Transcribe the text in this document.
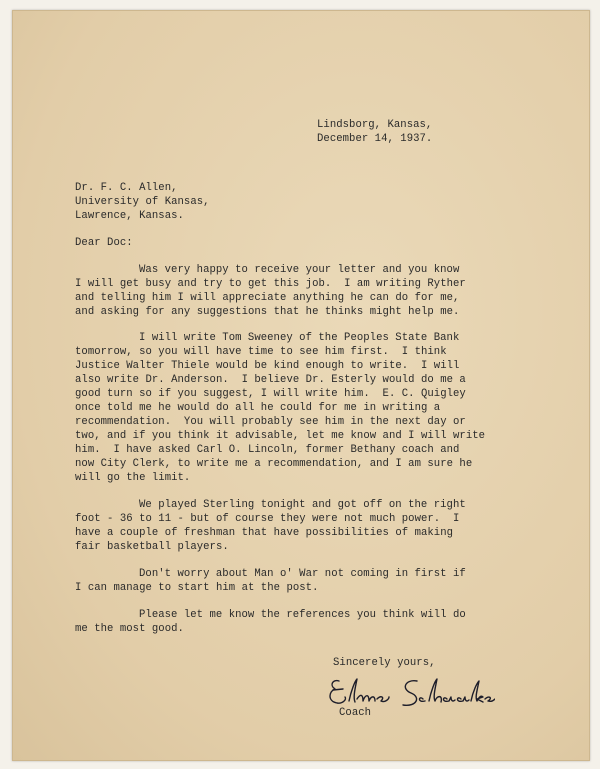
Lindsborg, Kansas,
December 14, 1937.
Dr. F. C. Allen,
University of Kansas,
Lawrence, Kansas.
Dear Doc:
Was very happy to receive your letter and you know
I will get busy and try to get this job.  I am writing Ryther
and telling him I will appreciate anything he can do for me,
and asking for any suggestions that he thinks might help me.
I will write Tom Sweeney of the Peoples State Bank
tomorrow, so you will have time to see him first.  I think
Justice Walter Thiele would be kind enough to write.  I will
also write Dr. Anderson.  I believe Dr. Esterly would do me a
good turn so if you suggest, I will write him.  E. C. Quigley
once told me he would do all he could for me in writing a
recommendation.  You will probably see him in the next day or
two, and if you think it advisable, let me know and I will write
him.  I have asked Carl O. Lincoln, former Bethany coach and
now City Clerk, to write me a recommendation, and I am sure he
will go the limit.
We played Sterling tonight and got off on the right
foot - 36 to 11 - but of course they were not much power.  I
have a couple of freshman that have possibilities of making
fair basketball players.
Don't worry about Man o' War not coming in first if
I can manage to start him at the post.
Please let me know the references you think will do
me the most good.
Sincerely yours,
Coach
